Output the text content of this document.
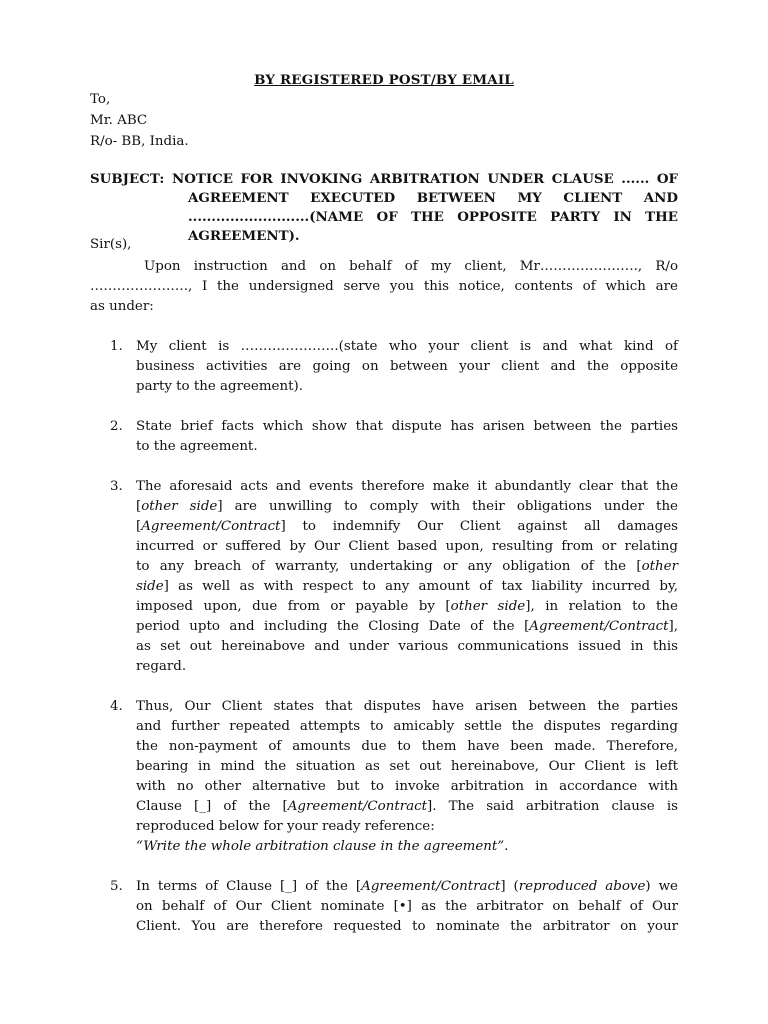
BY REGISTERED POST/BY EMAIL
To,
Mr. ABC
R/o- BB, India.
SUBJECT: NOTICE FOR INVOKING ARBITRATION UNDER CLAUSE ...... OF
AGREEMENT EXECUTED BETWEEN MY CLIENT AND
..........................(NAME OF THE OPPOSITE PARTY IN THE
AGREEMENT).
Sir(s),
Upon instruction and on behalf of my client, Mr…………………., R/o
…………………., I the undersigned serve you this notice, contents of which are
as under:
1. My client is ………………….(state who your client is and what kind of
business activities are going on between your client and the opposite
party to the agreement).
2. State brief facts which show that dispute has arisen between the parties
to the agreement.
3. The aforesaid acts and events therefore make it abundantly clear that the
[other side] are unwilling to comply with their obligations under the
[Agreement/Contract] to indemnify Our Client against all damages
incurred or suffered by Our Client based upon, resulting from or relating
to any breach of warranty, undertaking or any obligation of the [other
side] as well as with respect to any amount of tax liability incurred by,
imposed upon, due from or payable by [other side], in relation to the
period upto and including the Closing Date of the [Agreement/Contract],
as set out hereinabove and under various communications issued in this
regard.
4. Thus, Our Client states that disputes have arisen between the parties
and further repeated attempts to amicably settle the disputes regarding
the non-payment of amounts due to them have been made. Therefore,
bearing in mind the situation as set out hereinabove, Our Client is left
with no other alternative but to invoke arbitration in accordance with
Clause [_] of the [Agreement/Contract]. The said arbitration clause is
reproduced below for your ready reference:
“Write the whole arbitration clause in the agreement”.
5. In terms of Clause [_] of the [Agreement/Contract] (reproduced above) we
on behalf of Our Client nominate [•] as the arbitrator on behalf of Our
Client. You are therefore requested to nominate the arbitrator on your
